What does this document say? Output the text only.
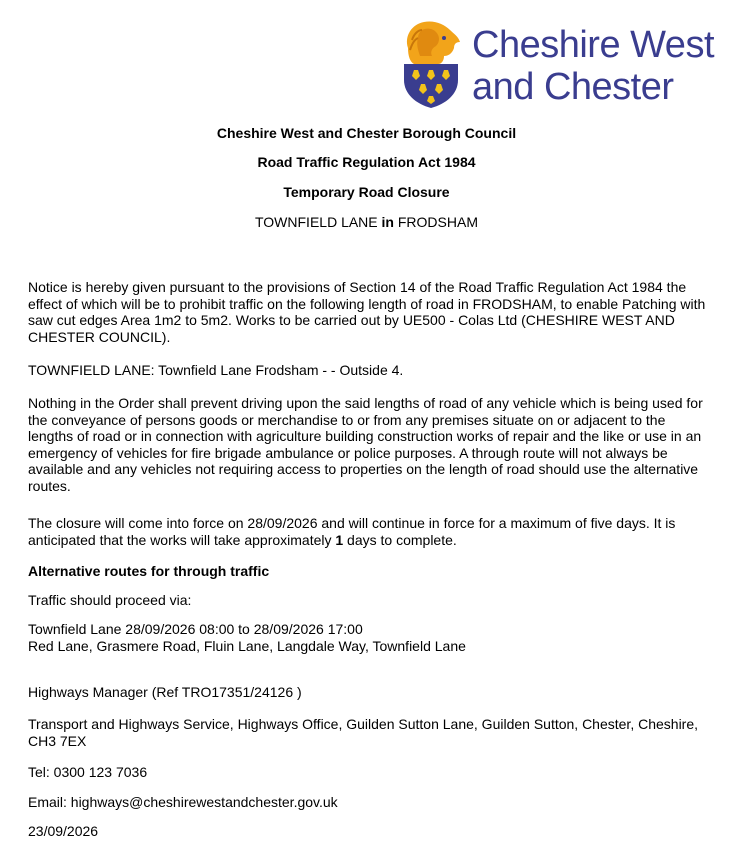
Cheshire West
and Chester
Cheshire West and Chester Borough Council
Road Traffic Regulation Act 1984
Temporary Road Closure
TOWNFIELD LANE in FRODSHAM
Notice is hereby given pursuant to the provisions of Section 14 of the Road Traffic Regulation Act 1984 the effect of which will be to prohibit traffic on the following length of road in FRODSHAM, to enable Patching with saw cut edges Area 1m2 to 5m2. Works to be carried out by UE500 - Colas Ltd (CHESHIRE WEST AND CHESTER COUNCIL).
TOWNFIELD LANE: Townfield Lane Frodsham - - Outside 4.
Nothing in the Order shall prevent driving upon the said lengths of road of any vehicle which is being used for the conveyance of persons goods or merchandise to or from any premises situate on or adjacent to the lengths of road or in connection with agriculture building construction works of repair and the like or use in an emergency of vehicles for fire brigade ambulance or police purposes. A through route will not always be available and any vehicles not requiring access to properties on the length of road should use the alternative routes.
The closure will come into force on 28/09/2026 and will continue in force for a maximum of five days. It is anticipated that the works will take approximately 1 days to complete.
Alternative routes for through traffic
Traffic should proceed via:

Townfield Lane 28/09/2026 08:00 to 28/09/2026 17:00

Red Lane, Grasmere Road, Fluin Lane, Langdale Way, Townfield Lane

Highways Manager (Ref TRO17351/24126 )
Transport and Highways Service, Highways Office, Guilden Sutton Lane, Guilden Sutton, Chester, Cheshire, CH3 7EX
Tel: 0300 123 7036
Email: highways@cheshirewestandchester.gov.uk
23/09/2026
